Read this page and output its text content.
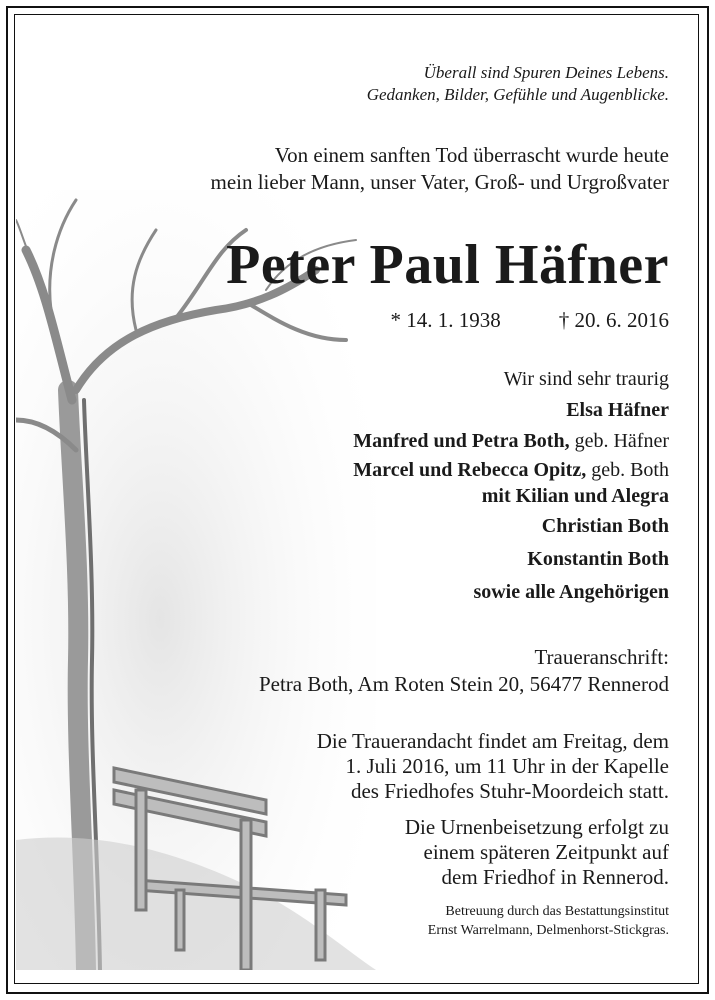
Überall sind Spuren Deines Lebens.
Gedanken, Bilder, Gefühle und Augenblicke.
Von einem sanften Tod überrascht wurde heute
mein lieber Mann, unser Vater, Groß- und Urgroßvater
Peter Paul Häfner
* 14. 1. 1938	† 20. 6. 2016
Wir sind sehr traurig
Elsa Häfner
Manfred und Petra Both, geb. Häfner
Marcel und Rebecca Opitz, geb. Both
mit Kilian und Alegra
Christian Both
Konstantin Both
sowie alle Angehörigen
Traueranschrift:
Petra Both, Am Roten Stein 20, 56477 Rennerod
Die Trauerandacht findet am Freitag, dem
1. Juli 2016, um 11 Uhr in der Kapelle
des Friedhofes Stuhr-Moordeich statt.
Die Urnenbeisetzung erfolgt zu
einem späteren Zeitpunkt auf
dem Friedhof in Rennerod.
Betreuung durch das Bestattungsinstitut
Ernst Warrelmann, Delmenhorst-Stickgras.
